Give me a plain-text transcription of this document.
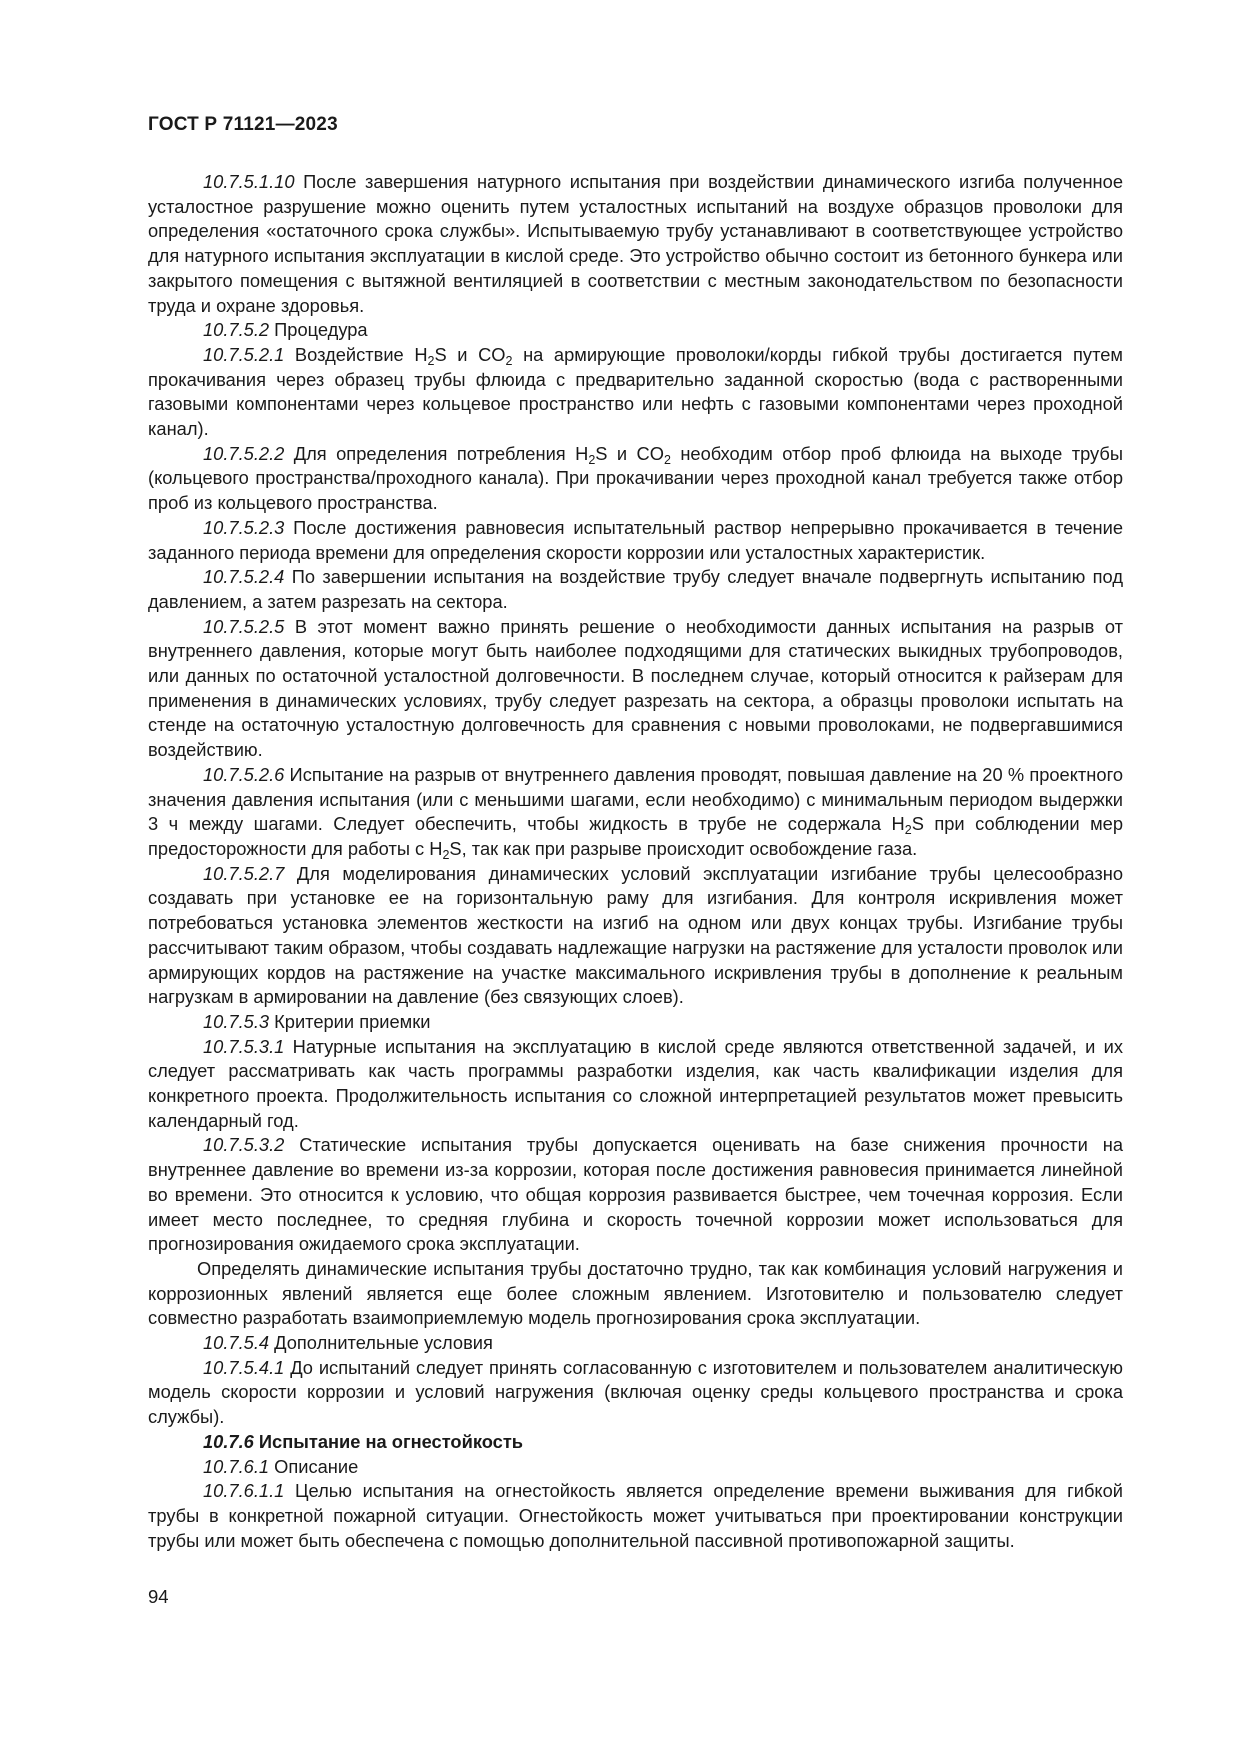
ГОСТ Р 71121—2023

10.7.5.1.10 После завершения натурного испытания при воздействии динамического изгиба полученное усталостное разрушение можно оценить путем усталостных испытаний на воздухе образцов проволоки для определения «остаточного срока службы». Испытываемую трубу устанавливают в соответствующее устройство для натурного испытания эксплуатации в кислой среде. Это устройство обычно состоит из бетонного бункера или закрытого помещения с вытяжной вентиляцией в соответствии с местным законодательством по безопасности труда и охране здоровья.

10.7.5.2 Процедура

10.7.5.2.1 Воздействие $H_2S$ и $CO_2$ на армирующие проволоки/корды гибкой трубы достигается путем прокачивания через образец трубы флюида с предварительно заданной скоростью (вода с растворенными газовыми компонентами через кольцевое пространство или нефть с газовыми компонентами через проходной канал).

10.7.5.2.2 Для определения потребления $H_2S$ и $CO_2$ необходим отбор проб флюида на выходе трубы (кольцевого пространства/проходного канала). При прокачивании через проходной канал требуется также отбор проб из кольцевого пространства.

10.7.5.2.3 После достижения равновесия испытательный раствор непрерывно прокачивается в течение заданного периода времени для определения скорости коррозии или усталостных характеристик.

10.7.5.2.4 По завершении испытания на воздействие трубу следует вначале подвергнуть испытанию под давлением, а затем разрезать на сектора.

10.7.5.2.5 В этот момент важно принять решение о необходимости данных испытания на разрыв от внутреннего давления, которые могут быть наиболее подходящими для статических выкидных трубопроводов, или данных по остаточной усталостной долговечности. В последнем случае, который относится к райзерам для применения в динамических условиях, трубу следует разрезать на сектора, а образцы проволоки испытать на стенде на остаточную усталостную долговечность для сравнения с новыми проволоками, не подвергавшимися воздействию.

10.7.5.2.6 Испытание на разрыв от внутреннего давления проводят, повышая давление на 20 % проектного значения давления испытания (или с меньшими шагами, если необходимо) с минимальным периодом выдержки 3 ч между шагами. Следует обеспечить, чтобы жидкость в трубе не содержала $H_2S$ при соблюдении мер предосторожности для работы с $H_2S$, так как при разрыве происходит освобождение газа.

10.7.5.2.7 Для моделирования динамических условий эксплуатации изгибание трубы целесообразно создавать при установке ее на горизонтальную раму для изгибания. Для контроля искривления может потребоваться установка элементов жесткости на изгиб на одном или двух концах трубы. Изгибание трубы рассчитывают таким образом, чтобы создавать надлежащие нагрузки на растяжение для усталости проволок или армирующих кордов на растяжение на участке максимального искривления трубы в дополнение к реальным нагрузкам в армировании на давление (без связующих слоев).

10.7.5.3 Критерии приемки

10.7.5.3.1 Натурные испытания на эксплуатацию в кислой среде являются ответственной задачей, и их следует рассматривать как часть программы разработки изделия, как часть квалификации изделия для конкретного проекта. Продолжительность испытания со сложной интерпретацией результатов может превысить календарный год.

10.7.5.3.2 Статические испытания трубы допускается оценивать на базе снижения прочности на внутреннее давление во времени из-за коррозии, которая после достижения равновесия принимается линейной во времени. Это относится к условию, что общая коррозия развивается быстрее, чем точечная коррозия. Если имеет место последнее, то средняя глубина и скорость точечной коррозии может использоваться для прогнозирования ожидаемого срока эксплуатации.

Определять динамические испытания трубы достаточно трудно, так как комбинация условий нагружения и коррозионных явлений является еще более сложным явлением. Изготовителю и пользователю следует совместно разработать взаимоприемлемую модель прогнозирования срока эксплуатации.

10.7.5.4 Дополнительные условия

10.7.5.4.1 До испытаний следует принять согласованную с изготовителем и пользователем аналитическую модель скорости коррозии и условий нагружения (включая оценку среды кольцевого пространства и срока службы).

10.7.6 Испытание на огнестойкость

10.7.6.1 Описание

10.7.6.1.1 Целью испытания на огнестойкость является определение времени выживания для гибкой трубы в конкретной пожарной ситуации. Огнестойкость может учитываться при проектировании конструкции трубы или может быть обеспечена с помощью дополнительной пассивной противопожарной защиты.

94
